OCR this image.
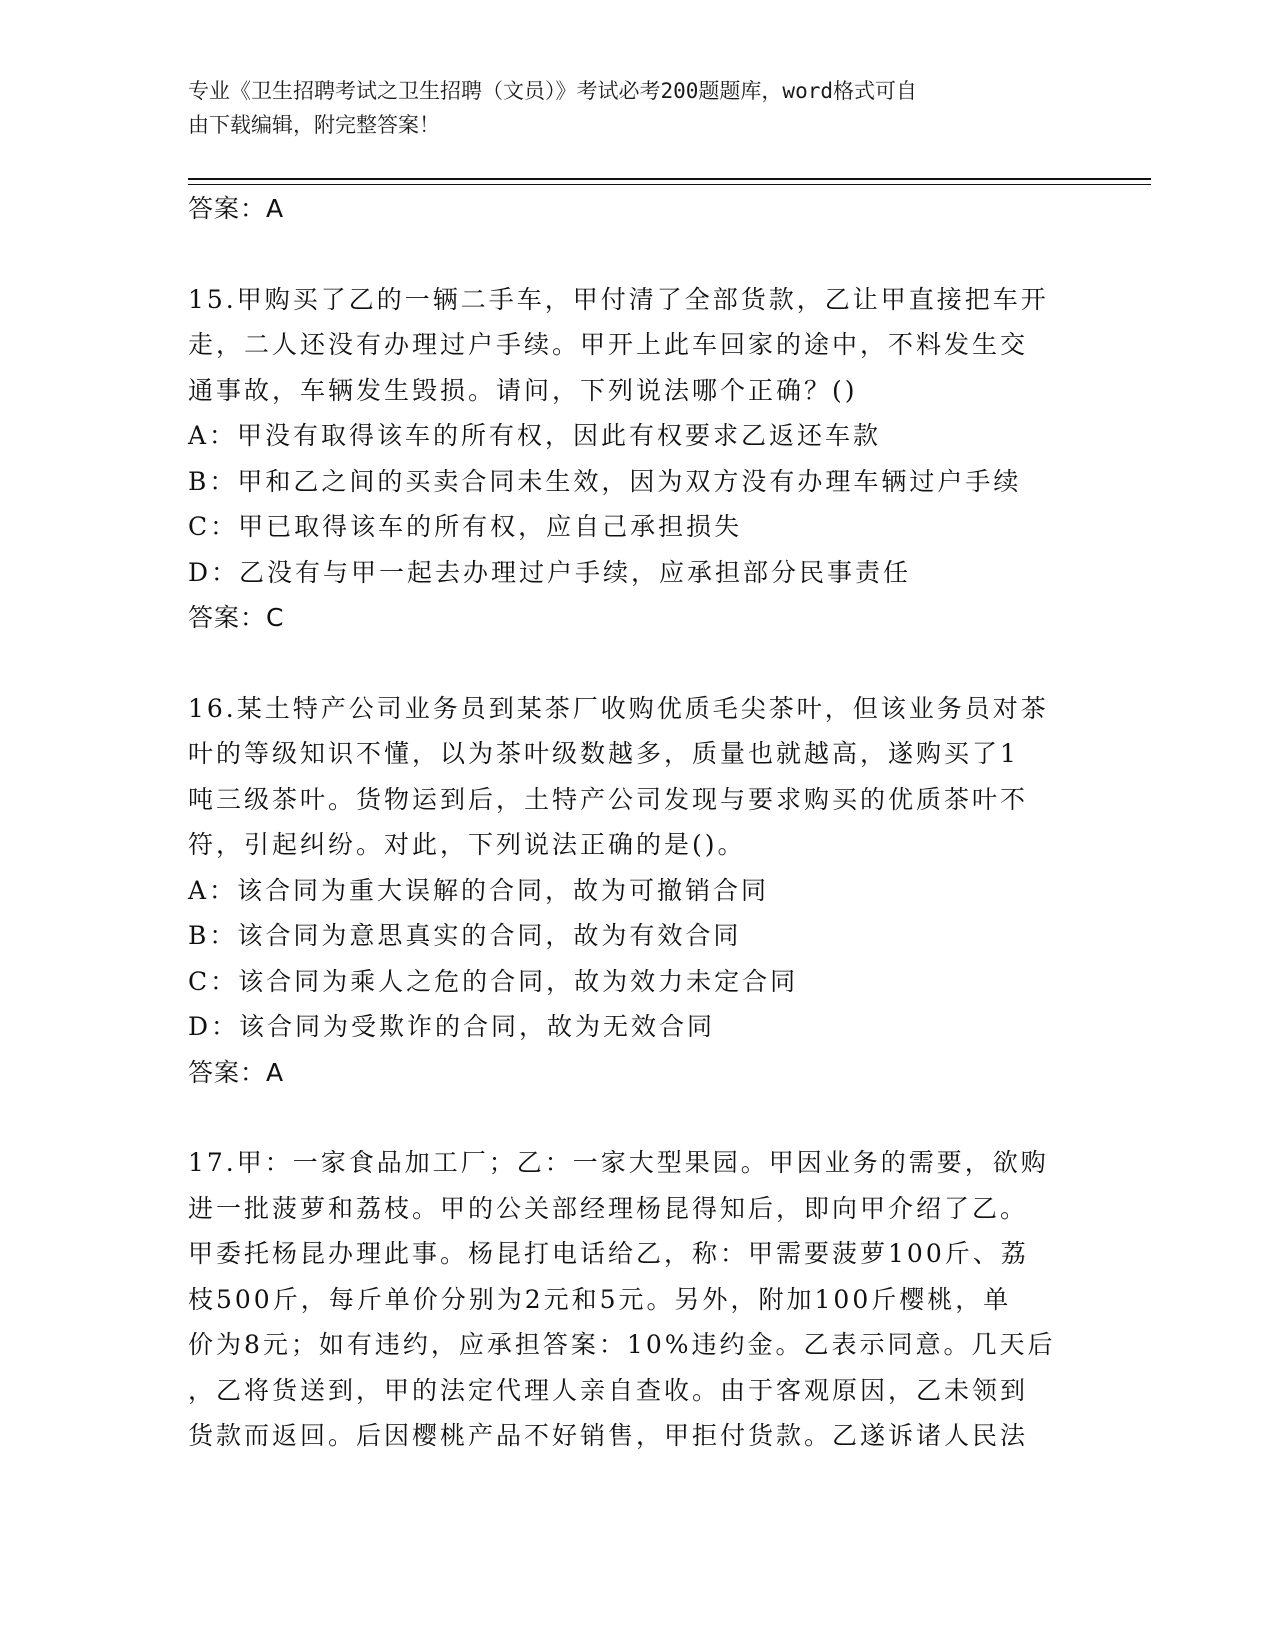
专业《卫生招聘考试之卫生招聘（文员）》考试必考200题题库，word格式可自
由下载编辑，附完整答案！

答案：A

15.甲购买了乙的一辆二手车，甲付清了全部货款，乙让甲直接把车开

走，二人还没有办理过户手续。甲开上此车回家的途中，不料发生交

通事故，车辆发生毁损。请问，下列说法哪个正确？()

A：甲没有取得该车的所有权，因此有权要求乙返还车款

B：甲和乙之间的买卖合同未生效，因为双方没有办理车辆过户手续

C：甲已取得该车的所有权，应自己承担损失

D：乙没有与甲一起去办理过户手续，应承担部分民事责任

答案：C

16.某土特产公司业务员到某茶厂收购优质毛尖茶叶，但该业务员对茶

叶的等级知识不懂，以为茶叶级数越多，质量也就越高，遂购买了1

吨三级茶叶。货物运到后，土特产公司发现与要求购买的优质茶叶不

符，引起纠纷。对此，下列说法正确的是()。

A：该合同为重大误解的合同，故为可撤销合同

B：该合同为意思真实的合同，故为有效合同

C：该合同为乘人之危的合同，故为效力未定合同

D：该合同为受欺诈的合同，故为无效合同

答案：A

17.甲：一家食品加工厂；乙：一家大型果园。甲因业务的需要，欲购

进一批菠萝和荔枝。甲的公关部经理杨昆得知后，即向甲介绍了乙。

甲委托杨昆办理此事。杨昆打电话给乙，称：甲需要菠萝100斤、荔

枝500斤，每斤单价分别为2元和5元。另外，附加100斤樱桃，单

价为8元；如有违约，应承担答案：10%违约金。乙表示同意。几天后

，乙将货送到，甲的法定代理人亲自查收。由于客观原因，乙未领到

货款而返回。后因樱桃产品不好销售，甲拒付货款。乙遂诉诸人民法
